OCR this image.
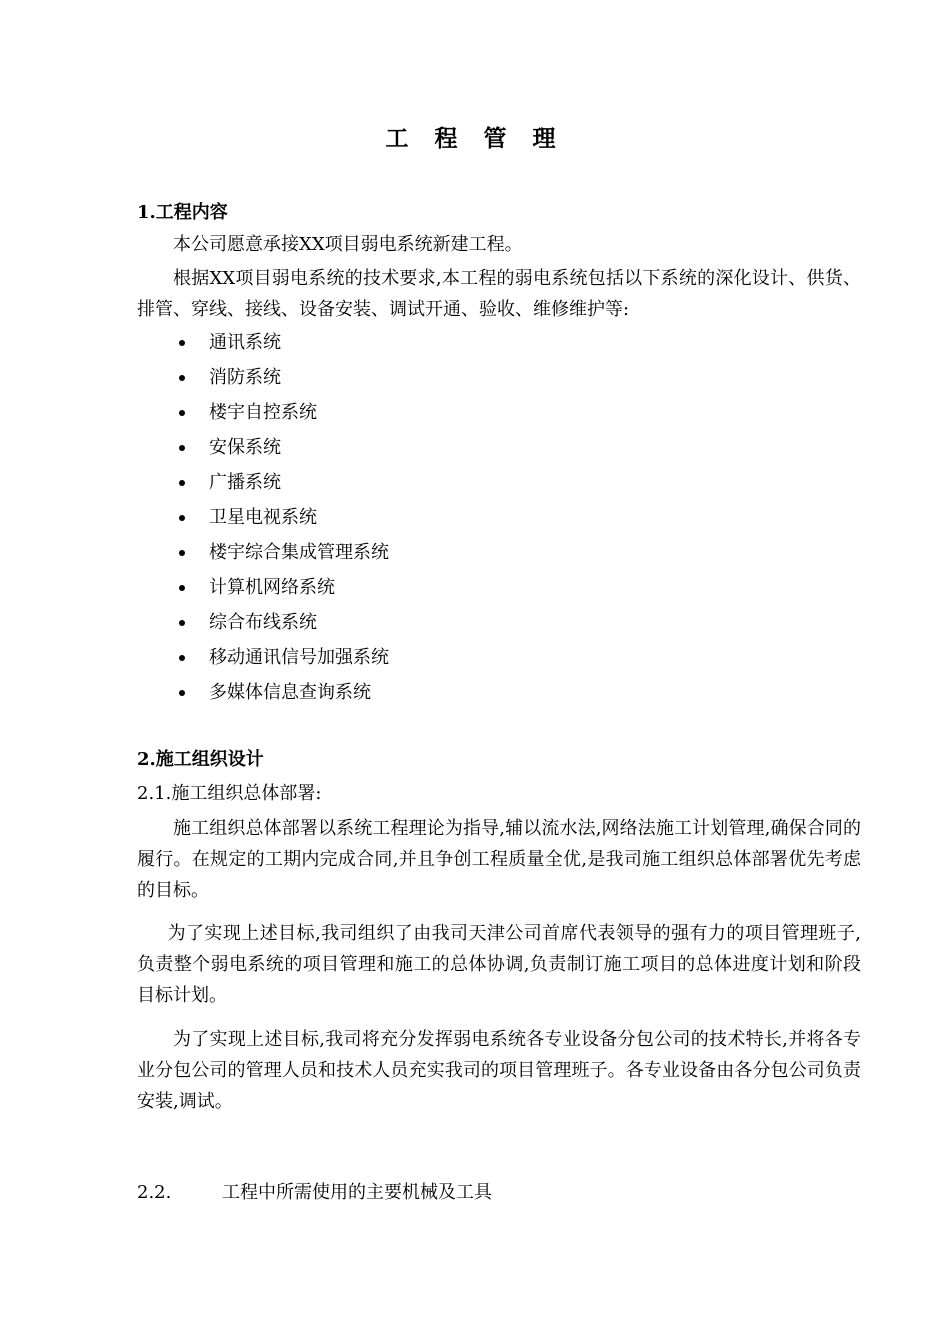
工 程 管 理
1.工程内容
本公司愿意承接XX项目弱电系统新建工程。
根据XX项目弱电系统的技术要求,本工程的弱电系统包括以下系统的深化设计、供货、排管、穿线、接线、设备安装、调试开通、验收、维修维护等:
通讯系统
消防系统
楼宇自控系统
安保系统
广播系统
卫星电视系统
楼宇综合集成管理系统
计算机网络系统
综合布线系统
移动通讯信号加强系统
多媒体信息查询系统
2.施工组织设计
2.1.施工组织总体部署:
施工组织总体部署以系统工程理论为指导,辅以流水法,网络法施工计划管理,确保合同的履行。在规定的工期内完成合同,并且争创工程质量全优,是我司施工组织总体部署优先考虑的目标。
为了实现上述目标,我司组织了由我司天津公司首席代表领导的强有力的项目管理班子,负责整个弱电系统的项目管理和施工的总体协调,负责制订施工项目的总体进度计划和阶段目标计划。
为了实现上述目标,我司将充分发挥弱电系统各专业设备分包公司的技术特长,并将各专业分包公司的管理人员和技术人员充实我司的项目管理班子。各专业设备由各分包公司负责安装,调试。
2.2.	工程中所需使用的主要机械及工具
